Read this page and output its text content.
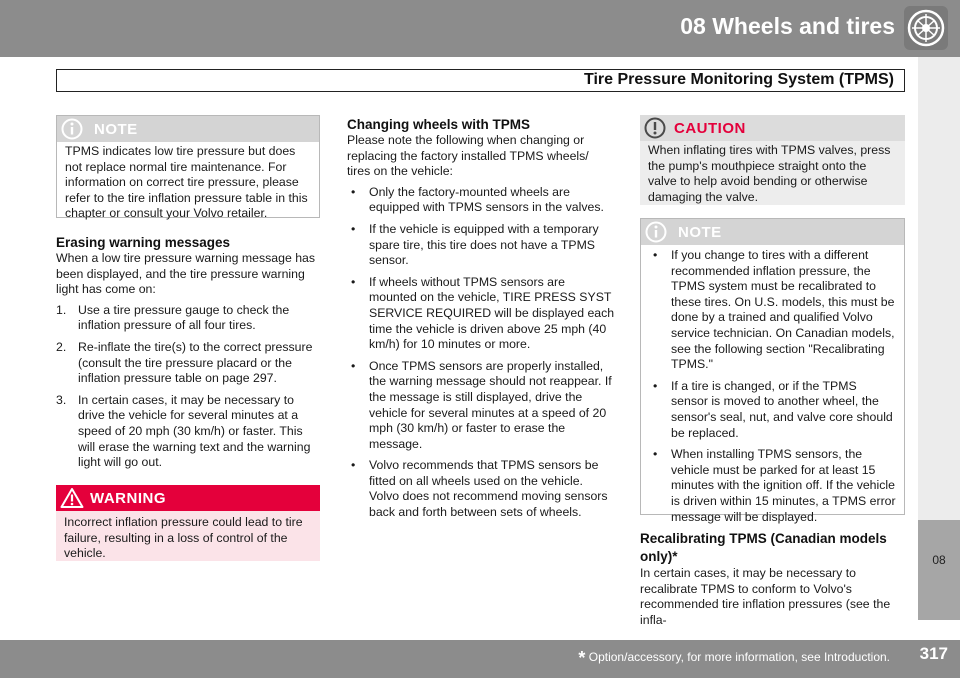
08 Wheels and tires
Tire Pressure Monitoring System (TPMS)
08
NOTE
TPMS indicates low tire pressure but does not replace normal tire maintenance. For information on correct tire pressure, please refer to the tire inflation pressure table in this chapter or consult your Volvo retailer.
Erasing warning messages

When a low tire pressure warning message has been displayed, and the tire pressure warning light has come on:

1. Use a tire pressure gauge to check the inflation pressure of all four tires.
2. Re-inflate the tire(s) to the correct pressure (consult the tire pressure placard or the inflation pressure table on page 297.
3. In certain cases, it may be necessary to drive the vehicle for several minutes at a speed of 20 mph (30 km/h) or faster. This will erase the warning text and the warning light will go out.
WARNING
Incorrect inflation pressure could lead to tire failure, resulting in a loss of control of the vehicle.
Changing wheels with TPMS

Please note the following when changing or replacing the factory installed TPMS wheels/ tires on the vehicle:

• Only the factory-mounted wheels are equipped with TPMS sensors in the valves.
• If the vehicle is equipped with a temporary spare tire, this tire does not have a TPMS sensor.
• If wheels without TPMS sensors are mounted on the vehicle, TIRE PRESS SYST SERVICE REQUIRED will be displayed each time the vehicle is driven above 25 mph (40 km/h) for 10 minutes or more.
• Once TPMS sensors are properly installed, the warning message should not reappear. If the message is still displayed, drive the vehicle for several minutes at a speed of 20 mph (30 km/h) or faster to erase the message.
• Volvo recommends that TPMS sensors be fitted on all wheels used on the vehicle. Volvo does not recommend moving sensors back and forth between sets of wheels.
CAUTION
When inflating tires with TPMS valves, press the pump's mouthpiece straight onto the valve to help avoid bending or otherwise damaging the valve.
NOTE
• If you change to tires with a different recommended inflation pressure, the TPMS system must be recalibrated to these tires. On U.S. models, this must be done by a trained and qualified Volvo service technician. On Canadian models, see the following section "Recalibrating TPMS."
• If a tire is changed, or if the TPMS sensor is moved to another wheel, the sensor's seal, nut, and valve core should be replaced.
• When installing TPMS sensors, the vehicle must be parked for at least 15 minutes with the ignition off. If the vehicle is driven within 15 minutes, a TPMS error message will be displayed.
Recalibrating TPMS (Canadian models only)*

In certain cases, it may be necessary to recalibrate TPMS to conform to Volvo's recommended tire inflation pressures (see the infla-

* Option/accessory, for more information, see Introduction. 317
